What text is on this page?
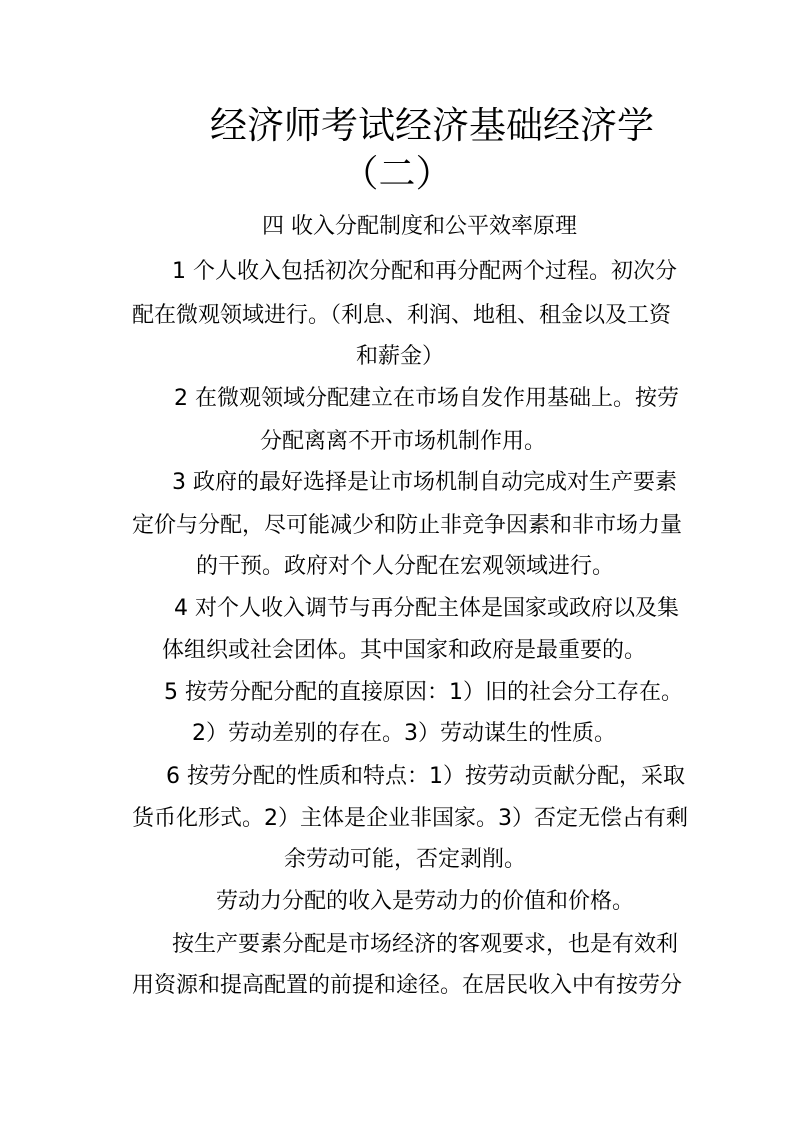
经济师考试经济基础经济学
（二）
四 收入分配制度和公平效率原理
1 个人收入包括初次分配和再分配两个过程。初次分
配在微观领域进行。（利息、利润、地租、租金以及工资
和薪金）
2 在微观领域分配建立在市场自发作用基础上。按劳
分配离离不开市场机制作用。
3 政府的最好选择是让市场机制自动完成对生产要素
定价与分配，尽可能减少和防止非竞争因素和非市场力量
的干预。政府对个人分配在宏观领域进行。
4 对个人收入调节与再分配主体是国家或政府以及集
体组织或社会团体。其中国家和政府是最重要的。
5 按劳分配分配的直接原因：1）旧的社会分工存在。
2）劳动差别的存在。3）劳动谋生的性质。
6 按劳分配的性质和特点：1）按劳动贡献分配，采取
货币化形式。2）主体是企业非国家。3）否定无偿占有剩
余劳动可能，否定剥削。
劳动力分配的收入是劳动力的价值和价格。
按生产要素分配是市场经济的客观要求，也是有效利
用资源和提高配置的前提和途径。在居民收入中有按劳分
